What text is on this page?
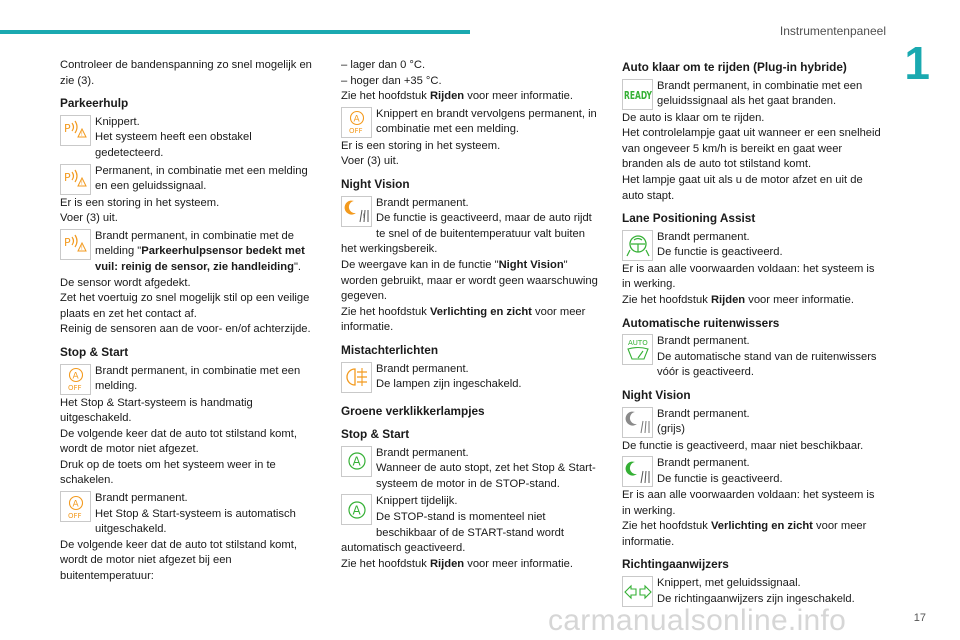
Instrumentenpaneel
1

Controleer de bandenspanning zo snel mogelijk en zie (3).

Parkeerhulp
P !
Knippert.
Het systeem heeft een obstakel gedetecteerd.
P !
Permanent, in combinatie met een melding en een geluidssignaal.

Er is een storing in het systeem.

Voer (3) uit.

P !
Brandt permanent, in combinatie met de melding "Parkeerhulpsensor bedekt met vuil: reinig de sensor, zie handleiding".

De sensor wordt afgedekt.

Zet het voertuig zo snel mogelijk stil op een veilige plaats en zet het contact af.

Reinig de sensoren aan de voor- en/of achterzijde.

Stop & Start
A
OFF
Brandt permanent, in combinatie met een melding.

Het Stop & Start-systeem is handmatig uitgeschakeld.

De volgende keer dat de auto tot stilstand komt, wordt de motor niet afgezet.

Druk op de toets om het systeem weer in te schakelen.

A
OFF
Brandt permanent.
Het Stop & Start-systeem is automatisch uitgeschakeld.

De volgende keer dat de auto tot stilstand komt, wordt de motor niet afgezet bij een buitentemperatuur:

– lager dan 0 °C.

– hoger dan +35 °C.

Zie het hoofdstuk Rijden voor meer informatie.

A
OFF
Knippert en brandt vervolgens permanent, in combinatie met een melding.

Er is een storing in het systeem.

Voer (3) uit.

Night Vision
!
Brandt permanent.
De functie is geactiveerd, maar de auto rijdt te snel of de buitentemperatuur valt buiten het werkingsbereik.

De weergave kan in de functie "Night Vision" worden gebruikt, maar er wordt geen waarschuwing gegeven.

Zie het hoofdstuk Verlichting en zicht voor meer informatie.

Mistachterlichten
Brandt permanent.
De lampen zijn ingeschakeld.
Groene verklikkerlampjes
Stop & Start
A
Brandt permanent.
Wanneer de auto stopt, zet het Stop & Start-systeem de motor in de STOP-stand.
A
Knippert tijdelijk.
De STOP-stand is momenteel niet beschikbaar of de START-stand wordt automatisch geactiveerd.

Zie het hoofdstuk Rijden voor meer informatie.

Auto klaar om te rijden (Plug-in hybride)
READY
Brandt permanent, in combinatie met een geluidssignaal als het gaat branden.

De auto is klaar om te rijden.

Het controlelampje gaat uit wanneer er een snelheid van ongeveer 5 km/h is bereikt en gaat weer branden als de auto tot stilstand komt.

Het lampje gaat uit als u de motor afzet en uit de auto stapt.

Lane Positioning Assist
Brandt permanent.
De functie is geactiveerd.

Er is aan alle voorwaarden voldaan: het systeem is in werking.

Zie het hoofdstuk Rijden voor meer informatie.

Automatische ruitenwissers
AUTO Brandt permanent.
De automatische stand van de ruitenwissers vóór is geactiveerd.
Night Vision
Brandt permanent.
(grijs)

De functie is geactiveerd, maar niet beschikbaar.

Brandt permanent.
De functie is geactiveerd.

Er is aan alle voorwaarden voldaan: het systeem is in werking.

Zie het hoofdstuk Verlichting en zicht voor meer informatie.

Richtingaanwijzers
Knippert, met geluidssignaal.
De richtingaanwijzers zijn ingeschakeld.
carmanualsonline.info	17
